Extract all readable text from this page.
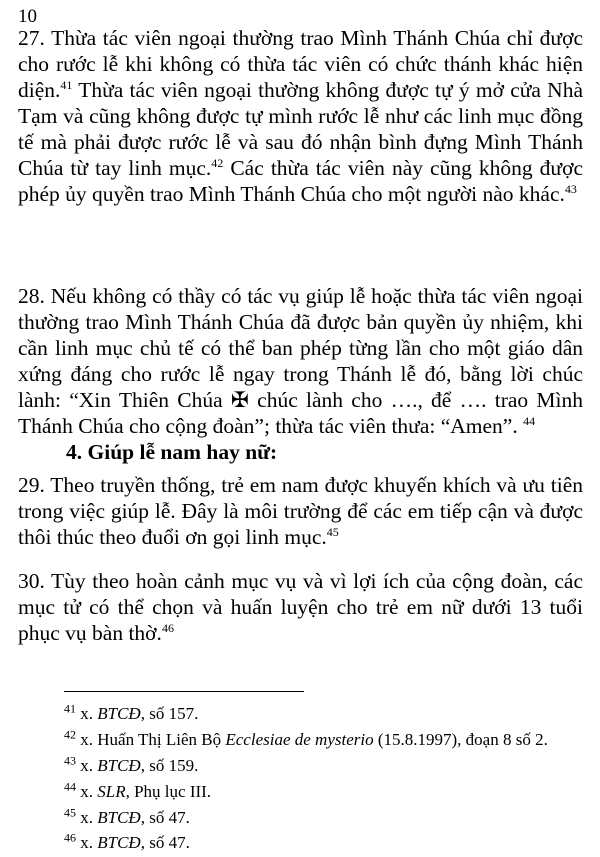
10

27. Thừa tác viên ngoại thường trao Mình Thánh Chúa chỉ được cho rước lễ khi không có thừa tác viên có chức thánh khác hiện diện.$^{41}$ Thừa tác viên ngoại thường không được tự ý mở cửa Nhà Tạm và cũng không được tự mình rước lễ như các linh mục đồng tế mà phải được rước lễ và sau đó nhận bình đựng Mình Thánh Chúa từ tay linh mục.$^{42}$ Các thừa tác viên này cũng không được phép ủy quyền trao Mình Thánh Chúa cho một người nào khác.$^{43}$

28. Nếu không có thầy có tác vụ giúp lễ hoặc thừa tác viên ngoại thường trao Mình Thánh Chúa đã được bản quyền ủy nhiệm, khi cần linh mục chủ tế có thể ban phép từng lần cho một giáo dân xứng đáng cho rước lễ ngay trong Thánh lễ đó, bằng lời chúc lành: “Xin Thiên Chúa ✠ chúc lành cho …., để …. trao Mình Thánh Chúa cho cộng đoàn”; thừa tác viên thưa: “Amen”. $^{44}$

4. Giúp lễ nam hay nữ:

29. Theo truyền thống, trẻ em nam được khuyến khích và ưu tiên trong việc giúp lễ. Đây là môi trường để các em tiếp cận và được thôi thúc theo đuổi ơn gọi linh mục.$^{45}$

30. Tùy theo hoàn cảnh mục vụ và vì lợi ích của cộng đoàn, các mục tử có thể chọn và huấn luyện cho trẻ em nữ dưới 13 tuổi phục vụ bàn thờ.$^{46}$

$^{41}$ x. BTCĐ, số 157.

$^{42}$ x. Huấn Thị Liên Bộ Ecclesiae de mysterio (15.8.1997), đoạn 8 số 2.

$^{43}$ x. BTCĐ, số 159.

$^{44}$ x. SLR, Phụ lục III.

$^{45}$ x. BTCĐ, số 47.

$^{46}$ x. BTCĐ, số 47.
